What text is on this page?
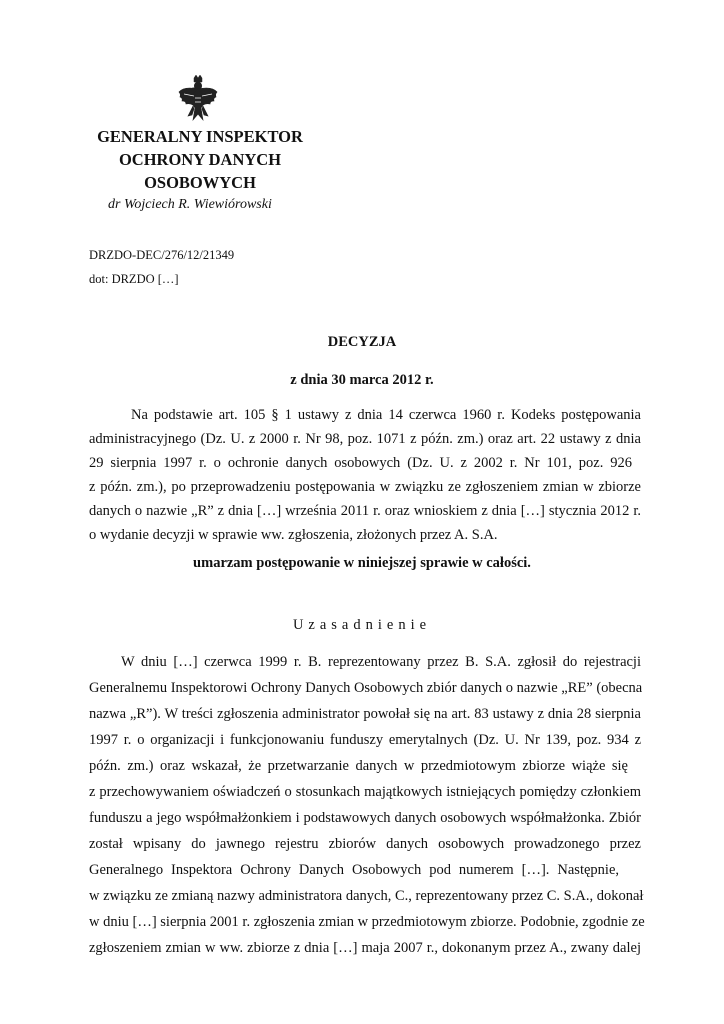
GENERALNY INSPEKTOR
OCHRONY DANYCH
OSOBOWYCH
dr Wojciech R. Wiewiórowski
DRZDO-DEC/276/12/21349
dot: DRZDO […]
DECYZJA
z dnia 30 marca 2012 r.
Na podstawie art. 105 § 1 ustawy z dnia 14 czerwca 1960 r. Kodeks postępowania
administracyjnego (Dz. U. z 2000 r. Nr 98, poz. 1071 z późn. zm.) oraz art. 22 ustawy z dnia
29 sierpnia 1997 r. o ochronie danych osobowych (Dz. U. z 2002 r. Nr 101, poz. 926
z późn. zm.), po przeprowadzeniu postępowania w związku ze zgłoszeniem zmian w zbiorze
danych o nazwie „R” z dnia […] września 2011 r. oraz wnioskiem z dnia […] stycznia 2012 r.
o wydanie decyzji w sprawie ww. zgłoszenia, złożonych przez A. S.A.
umarzam postępowanie w niniejszej sprawie w całości.
Uzasadnienie
W dniu […] czerwca 1999 r. B. reprezentowany przez B. S.A. zgłosił do rejestracji
Generalnemu Inspektorowi Ochrony Danych Osobowych zbiór danych o nazwie „RE” (obecna
nazwa „R”). W treści zgłoszenia administrator powołał się na art. 83 ustawy z dnia 28 sierpnia
1997 r. o organizacji i funkcjonowaniu funduszy emerytalnych (Dz. U. Nr 139, poz. 934 z
późn. zm.) oraz wskazał, że przetwarzanie danych w przedmiotowym zbiorze wiąże się
z przechowywaniem oświadczeń o stosunkach majątkowych istniejących pomiędzy członkiem
funduszu a jego współmałżonkiem i podstawowych danych osobowych współmałżonka. Zbiór
został wpisany do jawnego rejestru zbiorów danych osobowych prowadzonego przez
Generalnego Inspektora Ochrony Danych Osobowych pod numerem […]. Następnie,
w związku ze zmianą nazwy administratora danych, C., reprezentowany przez C. S.A., dokonał
w dniu […] sierpnia 2001 r. zgłoszenia zmian w przedmiotowym zbiorze. Podobnie, zgodnie ze
zgłoszeniem zmian w ww. zbiorze z dnia […] maja 2007 r., dokonanym przez A., zwany dalej
